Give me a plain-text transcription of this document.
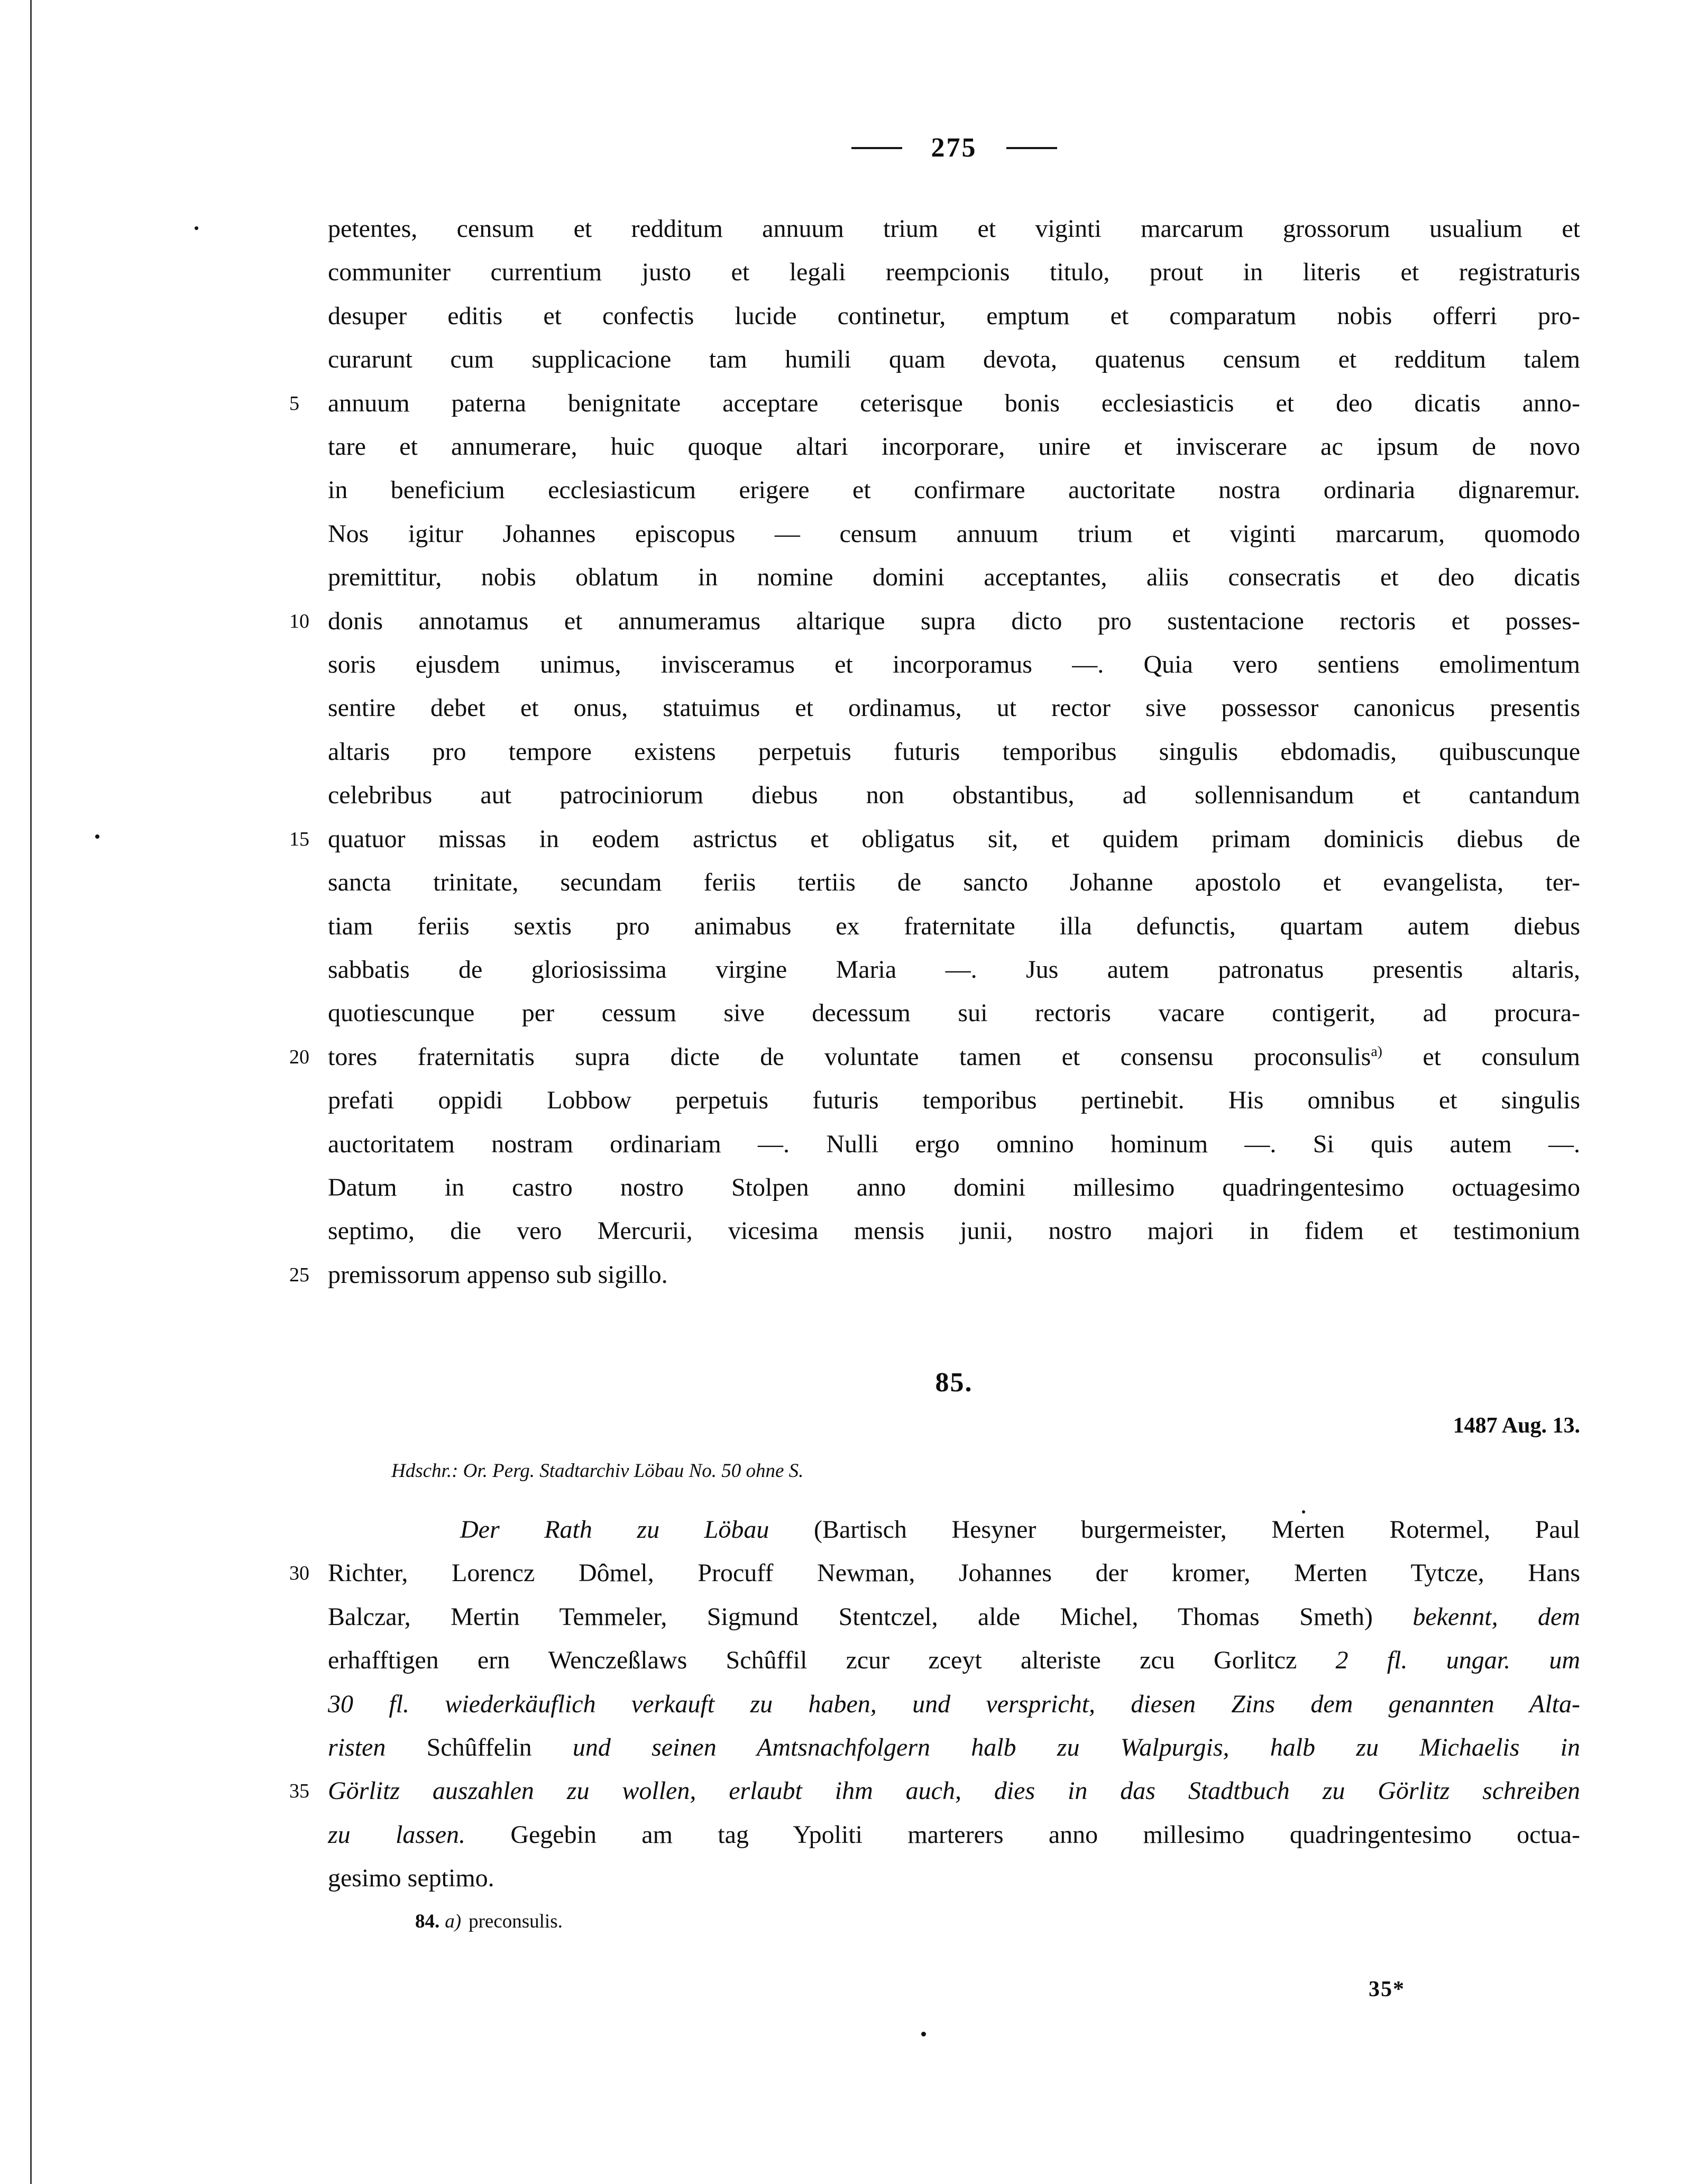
275
petentes, censum et redditum annuum trium et viginti marcarum grossorum usualium et
communiter currentium justo et legali reempcionis titulo, prout in literis et registraturis
desuper editis et confectis lucide continetur, emptum et comparatum nobis offerri pro-
curarunt cum supplicacione tam humili quam devota, quatenus censum et redditum talem
5	annuum paterna benignitate acceptare ceterisque bonis ecclesiasticis et deo dicatis anno-
tare et annumerare, huic quoque altari incorporare, unire et inviscerare ac ipsum de novo
in beneficium ecclesiasticum erigere et confirmare auctoritate nostra ordinaria dignaremur.
Nos igitur Johannes episcopus — censum annuum trium et viginti marcarum, quomodo
premittitur, nobis oblatum in nomine domini acceptantes, aliis consecratis et deo dicatis
10 donis annotamus et annumeramus altarique supra dicto pro sustentacione rectoris et posses-
soris ejusdem unimus, invisceramus et incorporamus —. Quia vero sentiens emolimentum
sentire debet et onus, statuimus et ordinamus, ut rector sive possessor canonicus presentis
altaris pro tempore existens perpetuis futuris temporibus singulis ebdomadis, quibuscunque
celebribus aut patrociniorum diebus non obstantibus, ad sollennisandum et cantandum
15 quatuor missas in eodem astrictus et obligatus sit, et quidem primam dominicis diebus de
sancta trinitate, secundam feriis tertiis de sancto Johanne apostolo et evangelista, ter-
tiam feriis sextis pro animabus ex fraternitate illa defunctis, quartam autem diebus
sabbatis de gloriosissima virgine Maria —. Jus autem patronatus presentis altaris,
quotiescunque per cessum sive decessum sui rectoris vacare contigerit, ad procura-
20 tores fraternitatis supra dicte de voluntate tamen et consensu proconsulis$^{a)}$ et consulum
prefati oppidi Lobbow perpetuis futuris temporibus pertinebit. His omnibus et singulis
auctoritatem nostram ordinariam —. Nulli ergo omnino hominum —. Si quis autem —.
Datum in castro nostro Stolpen anno domini millesimo quadringentesimo octuagesimo
septimo, die vero Mercurii, vicesima mensis junii, nostro majori in fidem et testimonium
25 premissorum appenso sub sigillo.
85.
1487 Aug. 13.
Hdschr.: Or. Perg. Stadtarchiv Löbau No. 50 ohne S.
Der Rath zu Löbau (Bartisch Hesyner burgermeister, Merten Rotermel, Paul
30 Richter, Lorencz Dômel, Procuff Newman, Johannes der kromer, Merten Tytcze, Hans
Balczar, Mertin Temmeler, Sigmund Stentczel, alde Michel, Thomas Smeth) bekennt, dem
erhafftigen ern Wenczeßlaws Schûffil zcur zceyt alteriste zcu Gorlitcz 2 fl. ungar. um
30 fl. wiederkäuflich verkauft zu haben, und verspricht, diesen Zins dem genannten Alta-
risten Schûffelin und seinen Amtsnachfolgern halb zu Walpurgis, halb zu Michaelis in
35 Görlitz auszahlen zu wollen, erlaubt ihm auch, dies in das Stadtbuch zu Görlitz schreiben
zu lassen. Gegebin am tag Ypoliti marterers anno millesimo quadringentesimo octua-
gesimo septimo.
84. a) preconsulis.
35*
